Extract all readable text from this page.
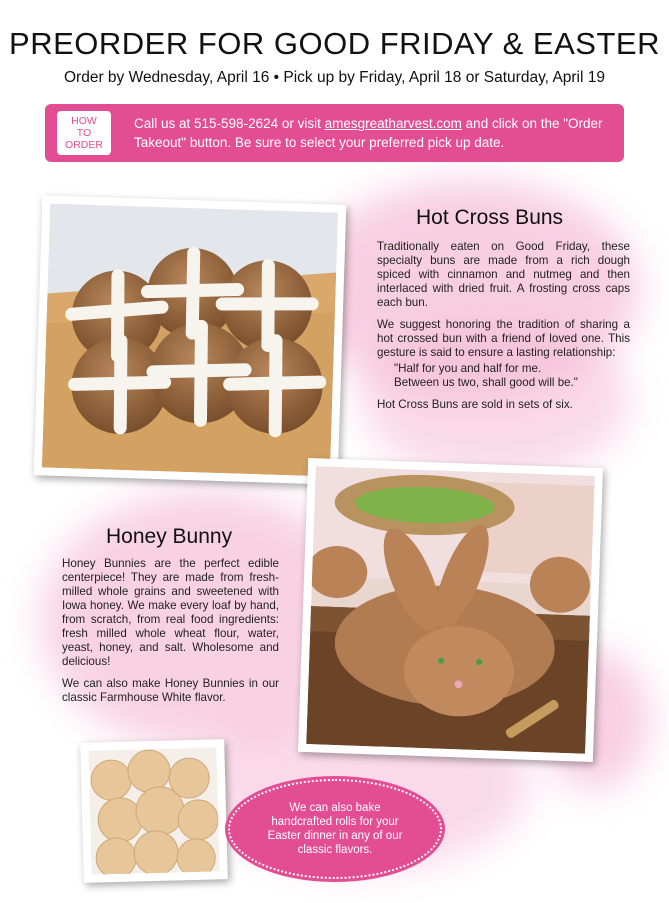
PREORDER FOR GOOD FRIDAY & EASTER
Order by Wednesday, April 16 • Pick up by Friday, April 18 or Saturday, April 19
HOW
TO
ORDER
Call us at 515-598-2624 or visit amesgreatharvest.com and click on the "Order Takeout" button. Be sure to select your preferred pick up date.
Hot Cross Buns

Traditionally eaten on Good Friday, these specialty buns are made from a rich dough spiced with cinnamon and nutmeg and then interlaced with dried fruit. A frosting cross caps each bun.

We suggest honoring the tradition of sharing a hot crossed bun with a friend of loved one. This gesture is said to ensure a lasting relationship:

"Half for you and half for me.
Between us two, shall good will be."

Hot Cross Buns are sold in sets of six.

Honey Bunny

Honey Bunnies are the perfect edible centerpiece! They are made from fresh-milled whole grains and sweetened with Iowa honey. We make every loaf by hand, from scratch, from real food ingredients: fresh milled whole wheat flour, water, yeast, honey, and salt. Wholesome and delicious!

We can also make Honey Bunnies in our classic Farmhouse White flavor.

We can also bake handcrafted rolls for your Easter dinner in any of our classic flavors.
